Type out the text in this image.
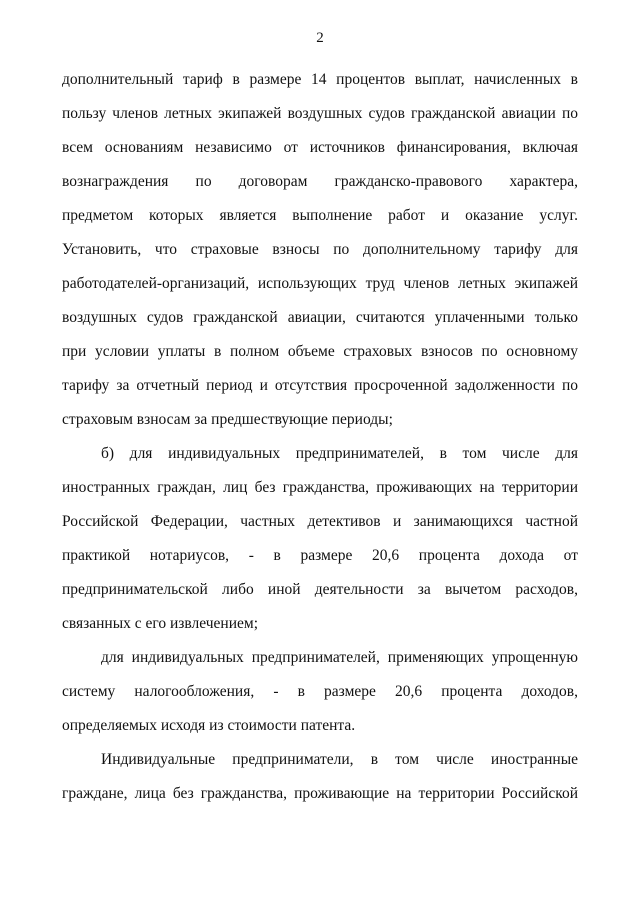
2
дополнительный тариф в размере 14 процентов выплат, начисленных в
пользу членов летных экипажей воздушных судов гражданской авиации по
всем основаниям независимо от источников финансирования, включая
вознаграждения по договорам гражданско-правового характера,
предметом которых является выполнение работ и оказание услуг.
Установить, что страховые взносы по дополнительному тарифу для
работодателей-организаций, использующих труд членов летных экипажей
воздушных судов гражданской авиации, считаются уплаченными только
при условии уплаты в полном объеме страховых взносов по основному
тарифу за отчетный период и отсутствия просроченной задолженности по
страховым взносам за предшествующие периоды;
б) для индивидуальных предпринимателей, в том числе для
иностранных граждан, лиц без гражданства, проживающих на территории
Российской Федерации, частных детективов и занимающихся частной
практикой нотариусов, - в размере 20,6 процента дохода от
предпринимательской либо иной деятельности за вычетом расходов,
связанных с его извлечением;
для индивидуальных предпринимателей, применяющих упрощенную
систему налогообложения, - в размере 20,6 процента доходов,
определяемых исходя из стоимости патента.
Индивидуальные предприниматели, в том числе иностранные
граждане, лица без гражданства, проживающие на территории Российской
